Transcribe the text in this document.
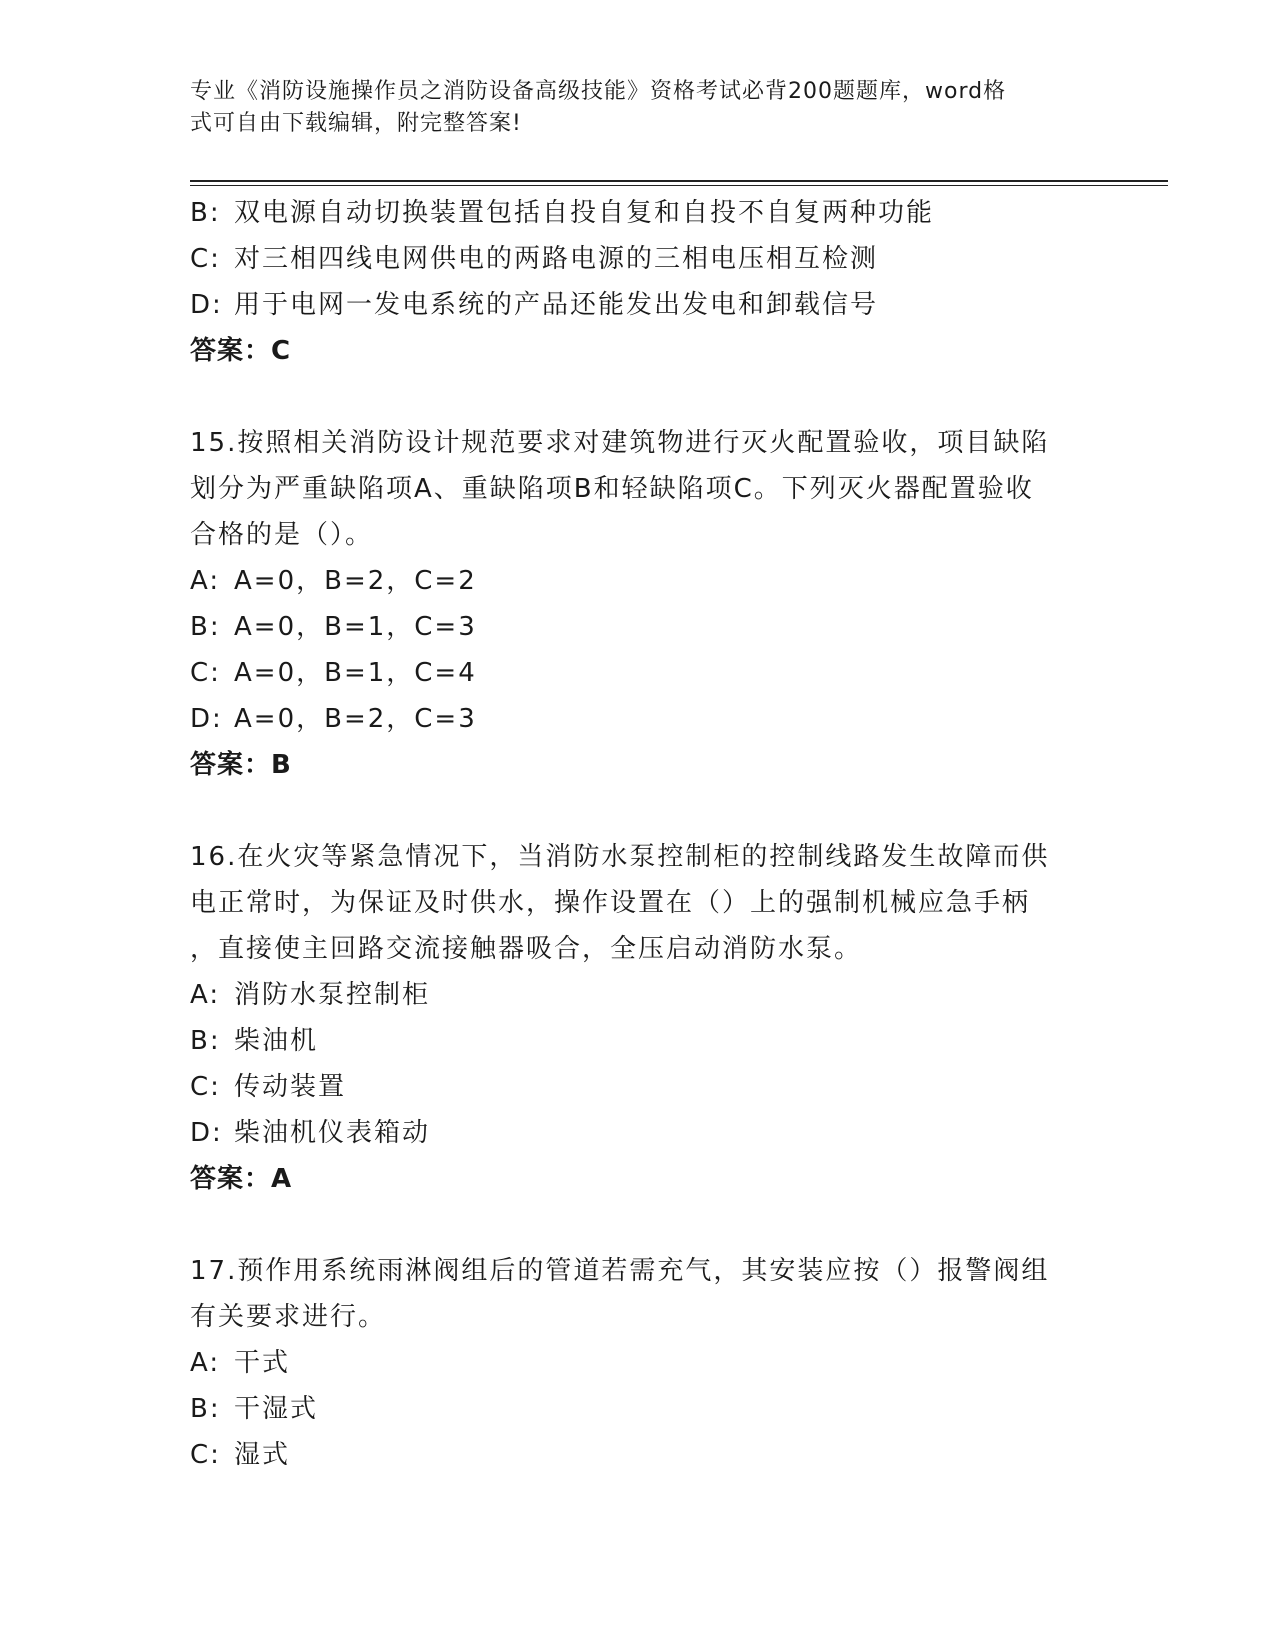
专业《消防设施操作员之消防设备高级技能》资格考试必背200题题库，word格
式可自由下载编辑，附完整答案!
B: 双电源自动切换装置包括自投自复和自投不自复两种功能
C: 对三相四线电网供电的两路电源的三相电压相互检测
D: 用于电网一发电系统的产品还能发出发电和卸载信号
答案：C
15.按照相关消防设计规范要求对建筑物进行灭火配置验收，项目缺陷
划分为严重缺陷项A、重缺陷项B和轻缺陷项C。下列灭火器配置验收
合格的是（）。
A: A=0，B=2，C=2
B: A=0，B=1，C=3
C: A=0，B=1，C=4
D: A=0，B=2，C=3
答案：B
16.在火灾等紧急情况下，当消防水泵控制柜的控制线路发生故障而供
电正常时，为保证及时供水，操作设置在（）上的强制机械应急手柄
，直接使主回路交流接触器吸合，全压启动消防水泵。
A: 消防水泵控制柜
B: 柴油机
C: 传动装置
D: 柴油机仪表箱动
答案：A
17.预作用系统雨淋阀组后的管道若需充气，其安装应按（）报警阀组
有关要求进行。
A: 干式
B: 干湿式
C: 湿式
